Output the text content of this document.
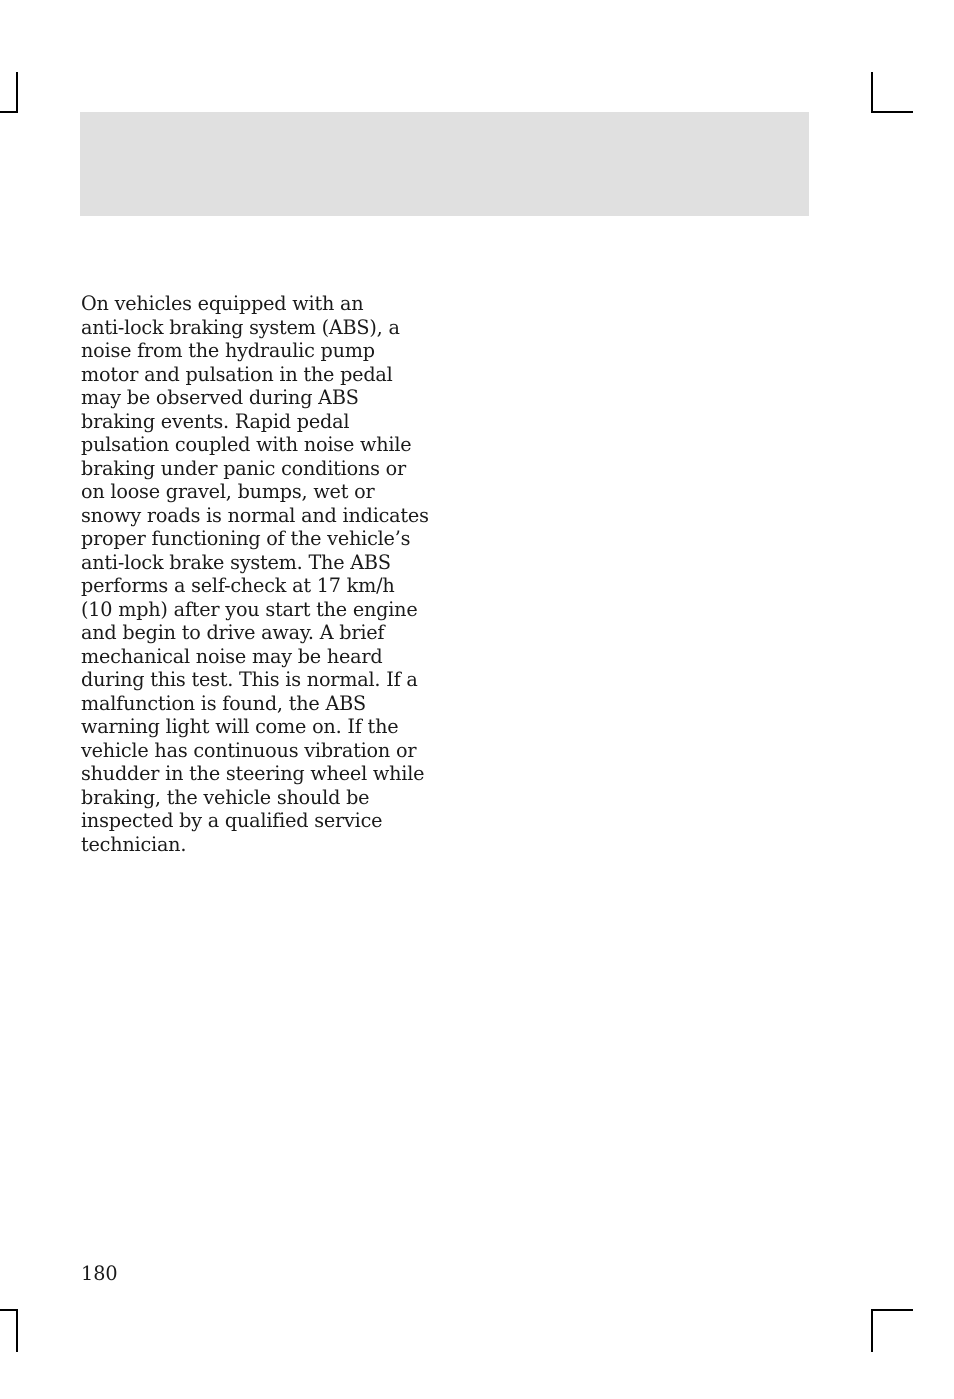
On vehicles equipped with an
anti-lock braking system (ABS), a
noise from the hydraulic pump
motor and pulsation in the pedal
may be observed during ABS
braking events. Rapid pedal
pulsation coupled with noise while
braking under panic conditions or
on loose gravel, bumps, wet or
snowy roads is normal and indicates
proper functioning of the vehicle’s
anti-lock brake system. The ABS
performs a self-check at 17 km/h
(10 mph) after you start the engine
and begin to drive away. A brief
mechanical noise may be heard
during this test. This is normal. If a
malfunction is found, the ABS
warning light will come on. If the
vehicle has continuous vibration or
shudder in the steering wheel while
braking, the vehicle should be
inspected by a qualified service
technician.

180
